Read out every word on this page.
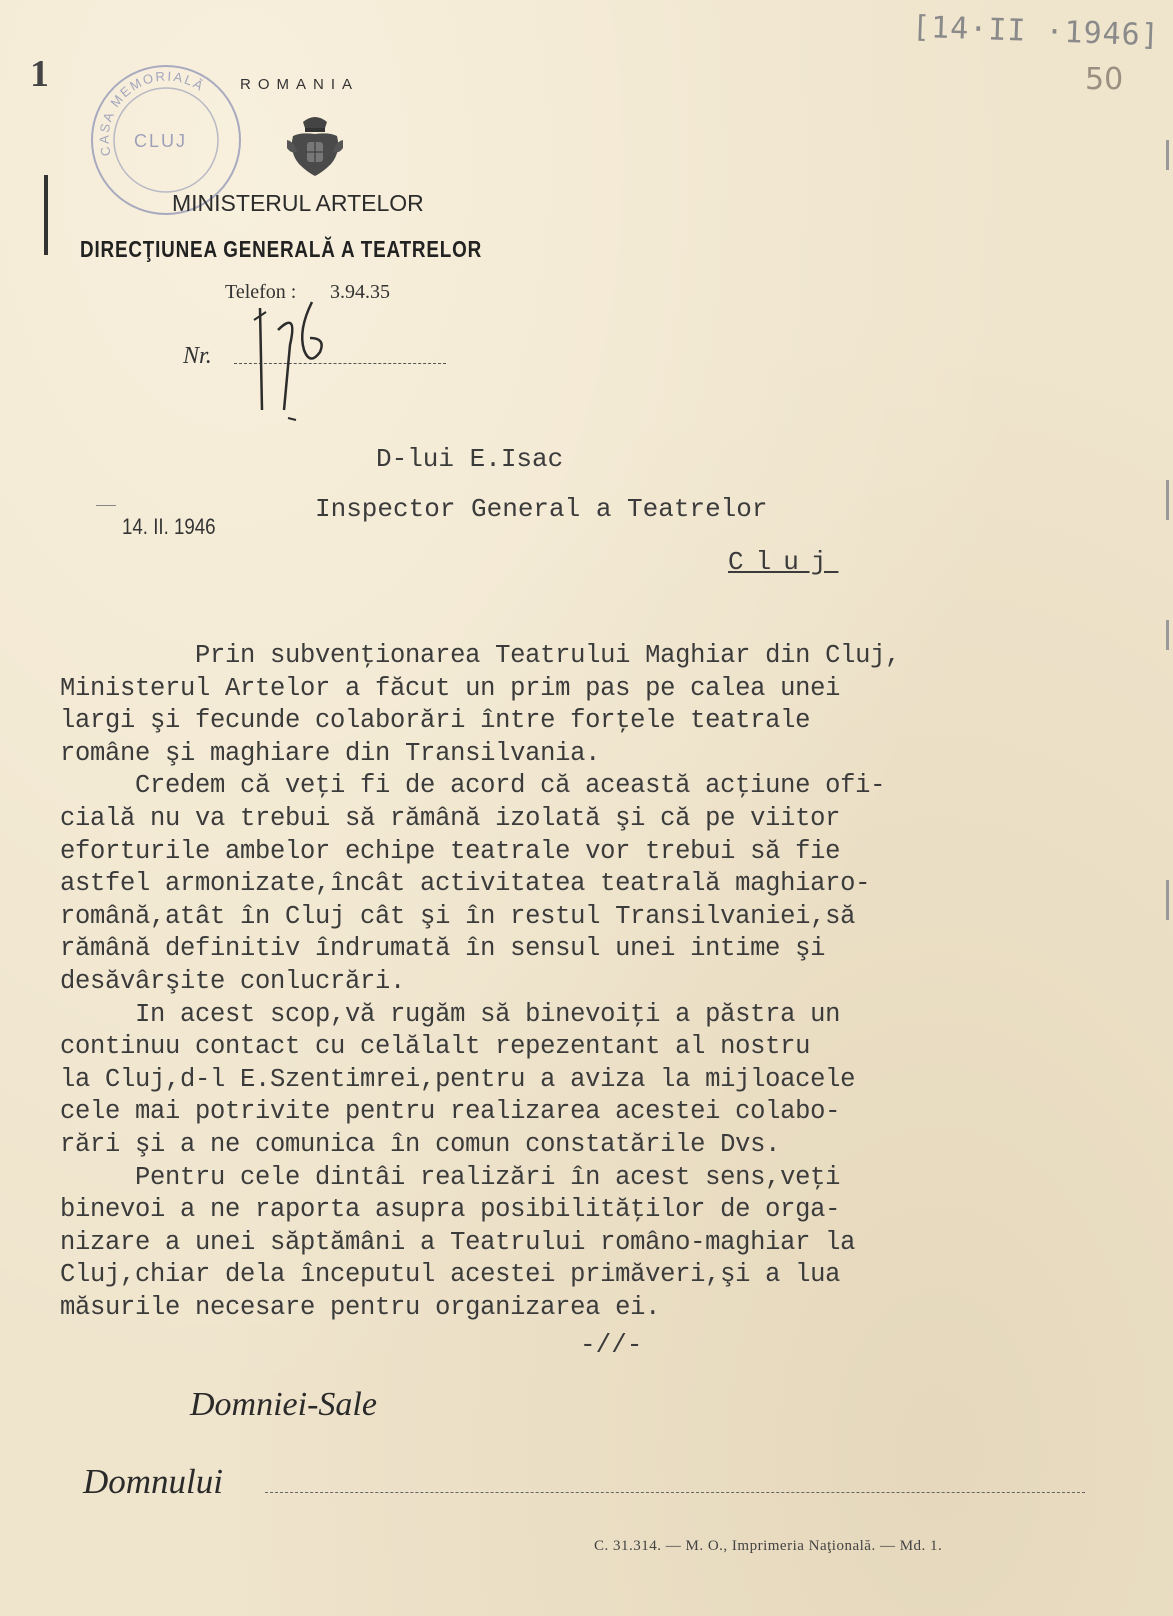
[14·II ·1946]
50
1
CASA MEMORIALĂ
CLUJ
ROMANIA
MINISTERUL ARTELOR
DIRECŢIUNEA GENERALĂ A TEATRELOR
Telefon : 3.94.35
Nr.
14. II. 1946
D-lui E.Isac
Inspector General a Teatrelor
Cluj
Prin subvenţionarea Teatrului Maghiar din Cluj,
Ministerul Artelor a făcut un prim pas pe calea unei
largi şi fecunde colaborări între forţele teatrale
române şi maghiare din Transilvania.
Credem că veţi fi de acord că această acţiune ofi-
cială nu va trebui să rămână izolată şi că pe viitor
eforturile ambelor echipe teatrale vor trebui să fie
astfel armonizate,încât activitatea teatrală maghiaro-
română,atât în Cluj cât şi în restul Transilvaniei,să
rămână definitiv îndrumată în sensul unei intime şi
desăvârşite conlucrări.
In acest scop,vă rugăm să binevoiţi a păstra un
continuu contact cu celălalt repezentant al nostru
la Cluj,d-l E.Szentimrei,pentru a aviza la mijloacele
cele mai potrivite pentru realizarea acestei colabo-
rări şi a ne comunica în comun constatările Dvs.
Pentru cele dintâi realizări în acest sens,veţi
binevoi a ne raporta asupra posibilităţilor de orga-
nizare a unei săptămâni a Teatrului româno-maghiar la
Cluj,chiar dela începutul acestei primăveri,şi a lua
măsurile necesare pentru organizarea ei.
-//-
Domniei-Sale
Domnului
C. 31.314. — M. O., Imprimeria Naţională. — Md. 1.
